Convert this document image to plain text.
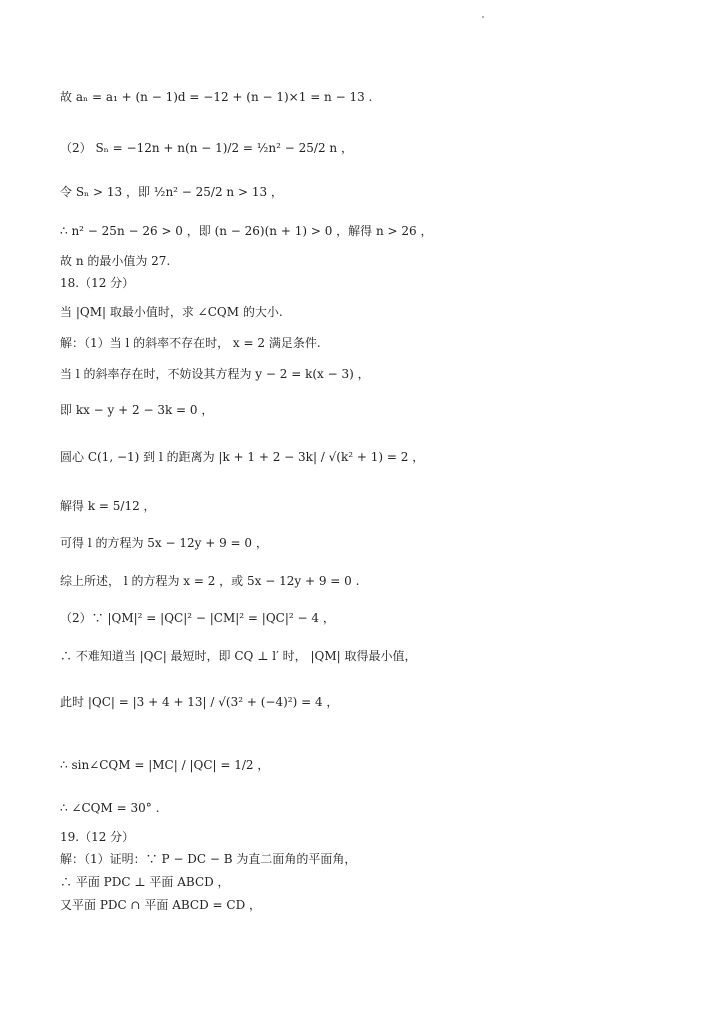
故 aₙ = a₁ + (n − 1)d = −12 + (n − 1)×1 = n − 13 .
（2） Sₙ = −12n + n(n − 1)/2 = ½n² − 25/2 n ，
令 Sₙ > 13 ，即 ½n² − 25/2 n > 13 ，
∴ n² − 25n − 26 > 0 ，即 (n − 26)(n + 1) > 0 ，解得 n > 26 ，
故 n 的最小值为 27.
18.（12 分）
当 |QM| 取最小值时，求 ∠CQM 的大小.
解：（1）当 l 的斜率不存在时， x = 2 满足条件.
当 l 的斜率存在时，不妨设其方程为 y − 2 = k(x − 3) ，
即 kx − y + 2 − 3k = 0 ，
圆心 C(1, −1) 到 l 的距离为 |k + 1 + 2 − 3k| / √(k² + 1) = 2 ，
解得 k = 5/12 ，
可得 l 的方程为 5x − 12y + 9 = 0 ，
综上所述， l 的方程为 x = 2 ，或 5x − 12y + 9 = 0 .
（2）∵ |QM|² = |QC|² − |CM|² = |QC|² − 4 ，
∴ 不难知道当 |QC| 最短时，即 CQ ⊥ l′ 时， |QM| 取得最小值，
此时 |QC| = |3 + 4 + 13| / √(3² + (−4)²) = 4 ，
∴ sin∠CQM = |MC| / |QC| = 1/2 ，
∴ ∠CQM = 30° .
19.（12 分）
解：（1）证明：∵ P − DC − B 为直二面角的平面角，
∴ 平面 PDC ⊥ 平面 ABCD ，
又平面 PDC ∩ 平面 ABCD = CD ，
